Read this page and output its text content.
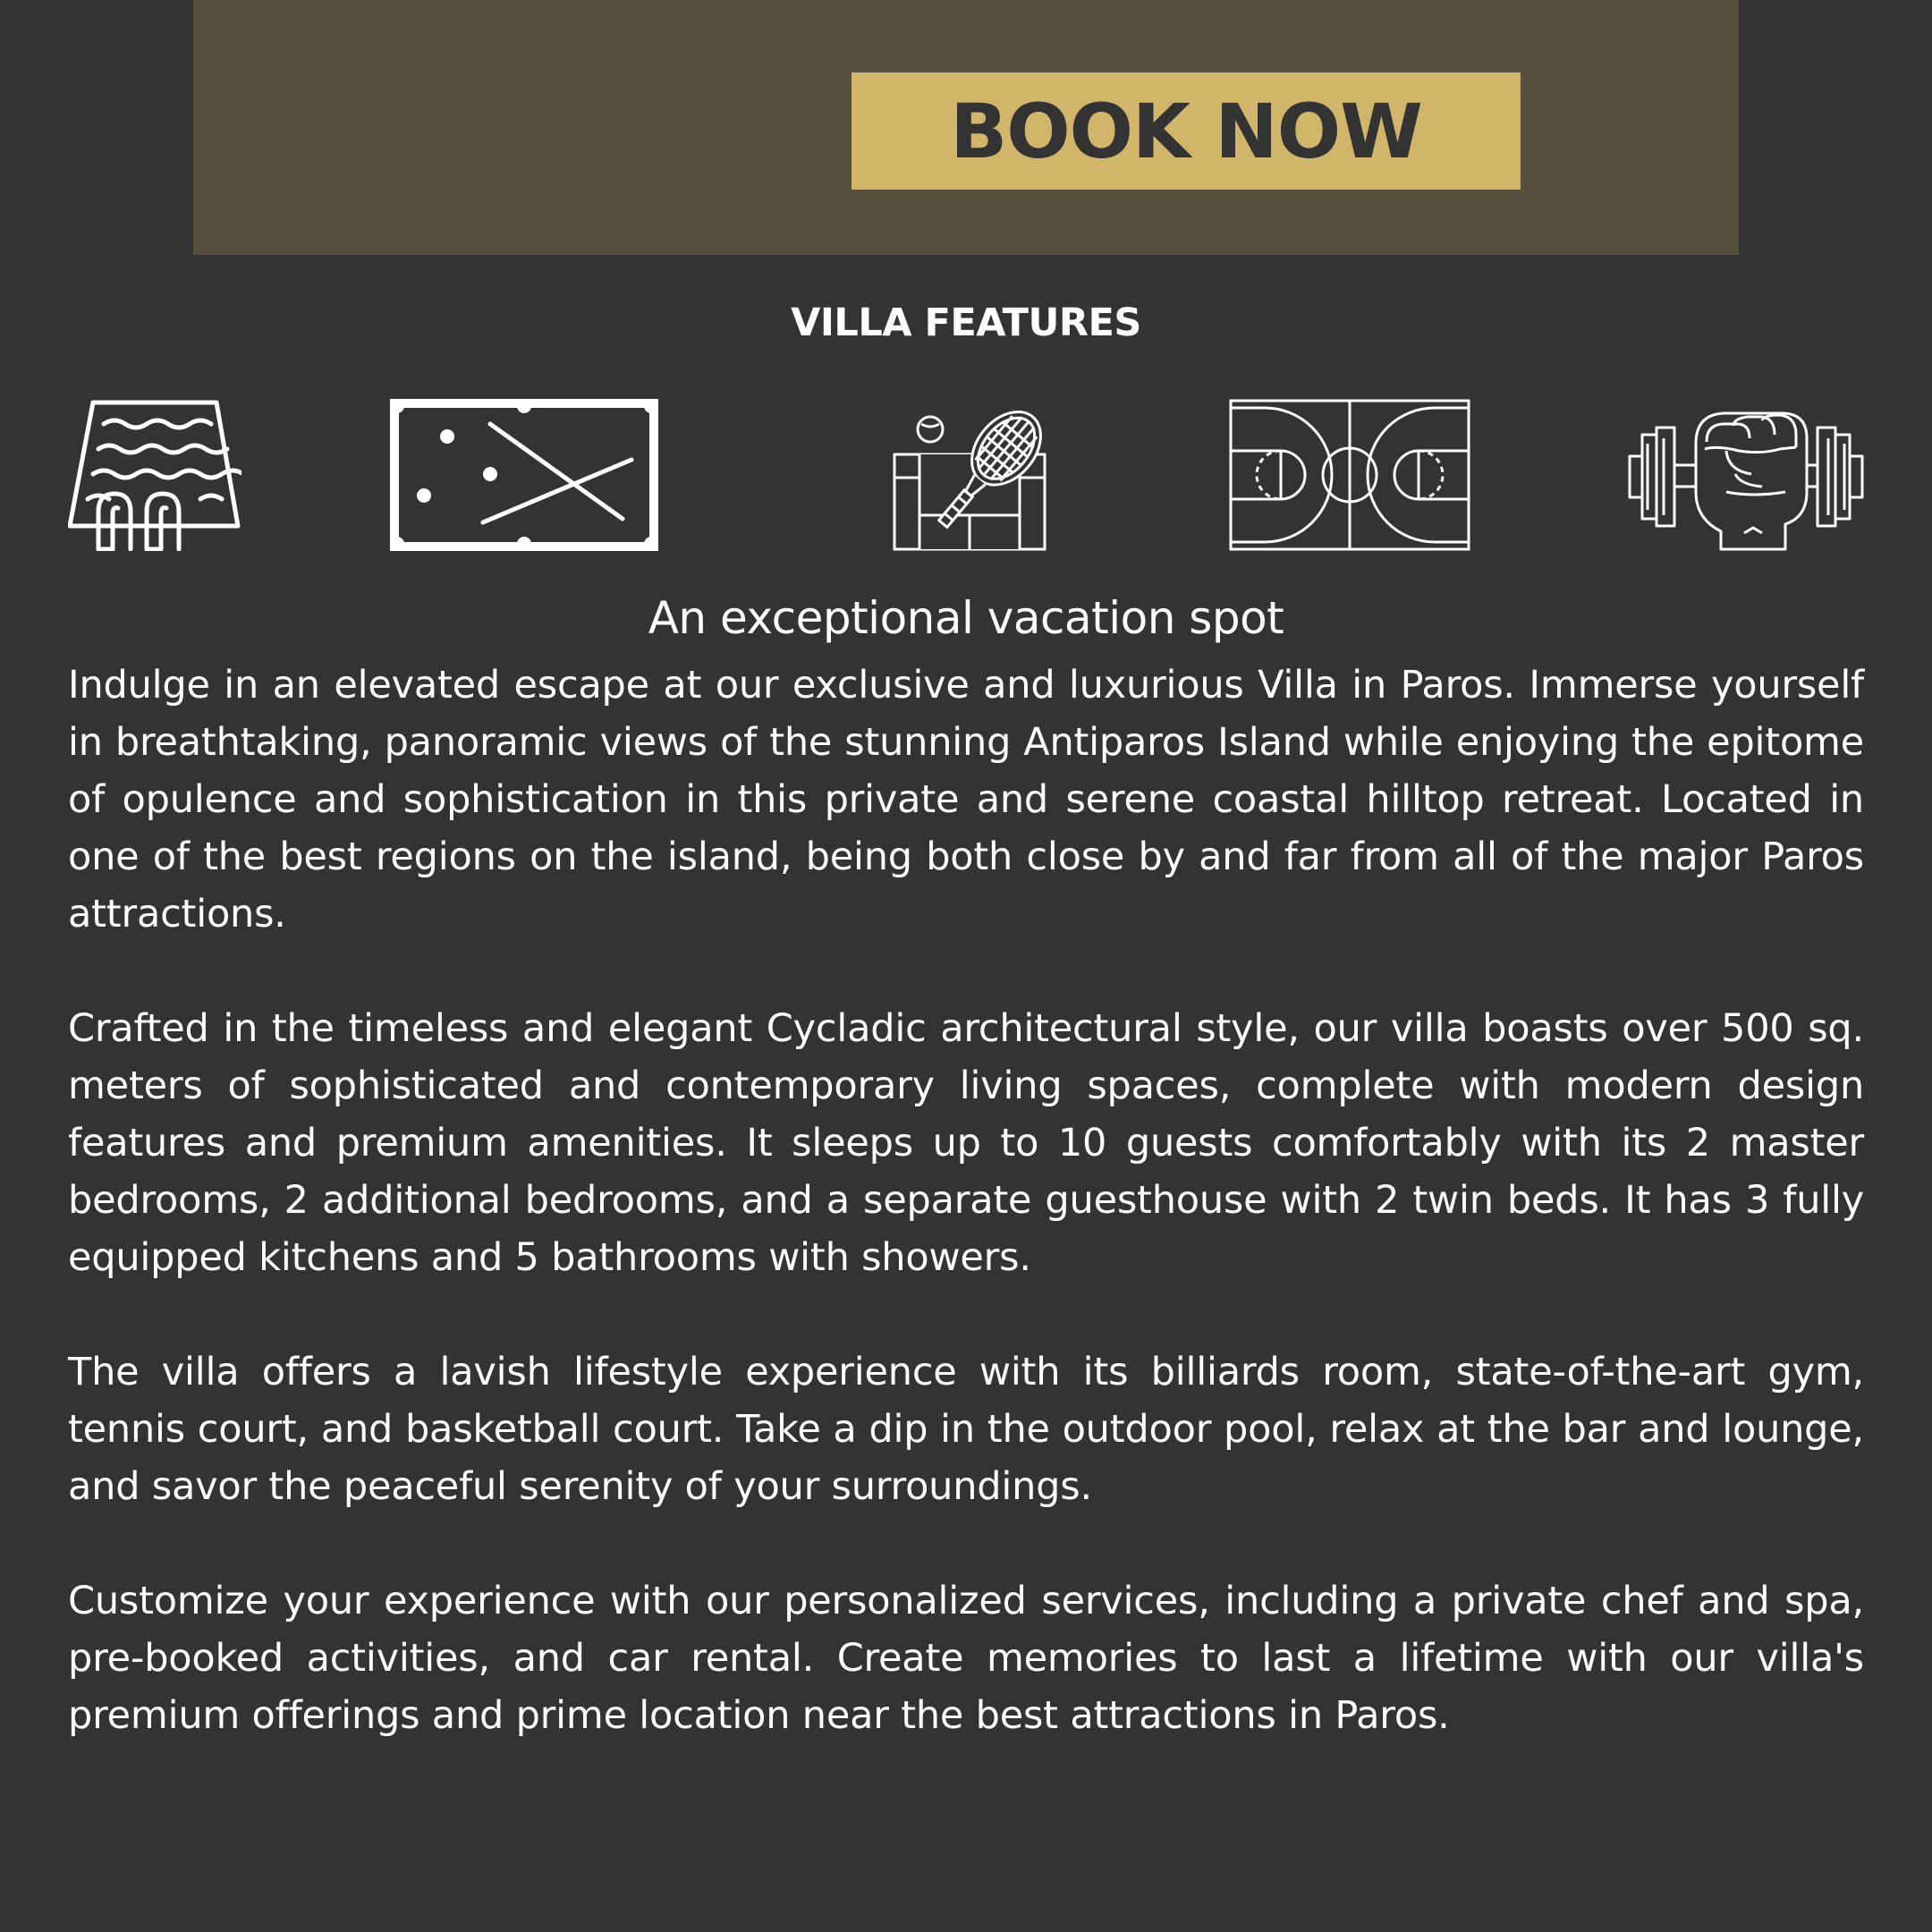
BOOK NOW
VILLA FEATURES
An exceptional vacation spot

Indulge in an elevated escape at our exclusive and luxurious Villa in Paros. Immerse yourself in breathtaking, panoramic views of the stunning Antiparos Island while enjoying the epitome of opulence and sophistication in this private and serene coastal hilltop retreat. Located in one of the best regions on the island, being both close by and far from all of the major Paros attractions.

Crafted in the timeless and elegant Cycladic architectural style, our villa boasts over 500 sq. meters of sophisticated and contemporary living spaces, complete with modern design features and premium amenities. It sleeps up to 10 guests comfortably with its 2 master bedrooms, 2 additional bedrooms, and a separate guesthouse with 2 twin beds. It has 3 fully equipped kitchens and 5 bathrooms with showers.

The villa offers a lavish lifestyle experience with its billiards room, state-of-the-art gym, tennis court, and basketball court. Take a dip in the outdoor pool, relax at the bar and lounge, and savor the peaceful serenity of your surroundings.

Customize your experience with our personalized services, including a private chef and spa, pre-booked activities, and car rental. Create memories to last a lifetime with our villa's premium offerings and prime location near the best attractions in Paros.
